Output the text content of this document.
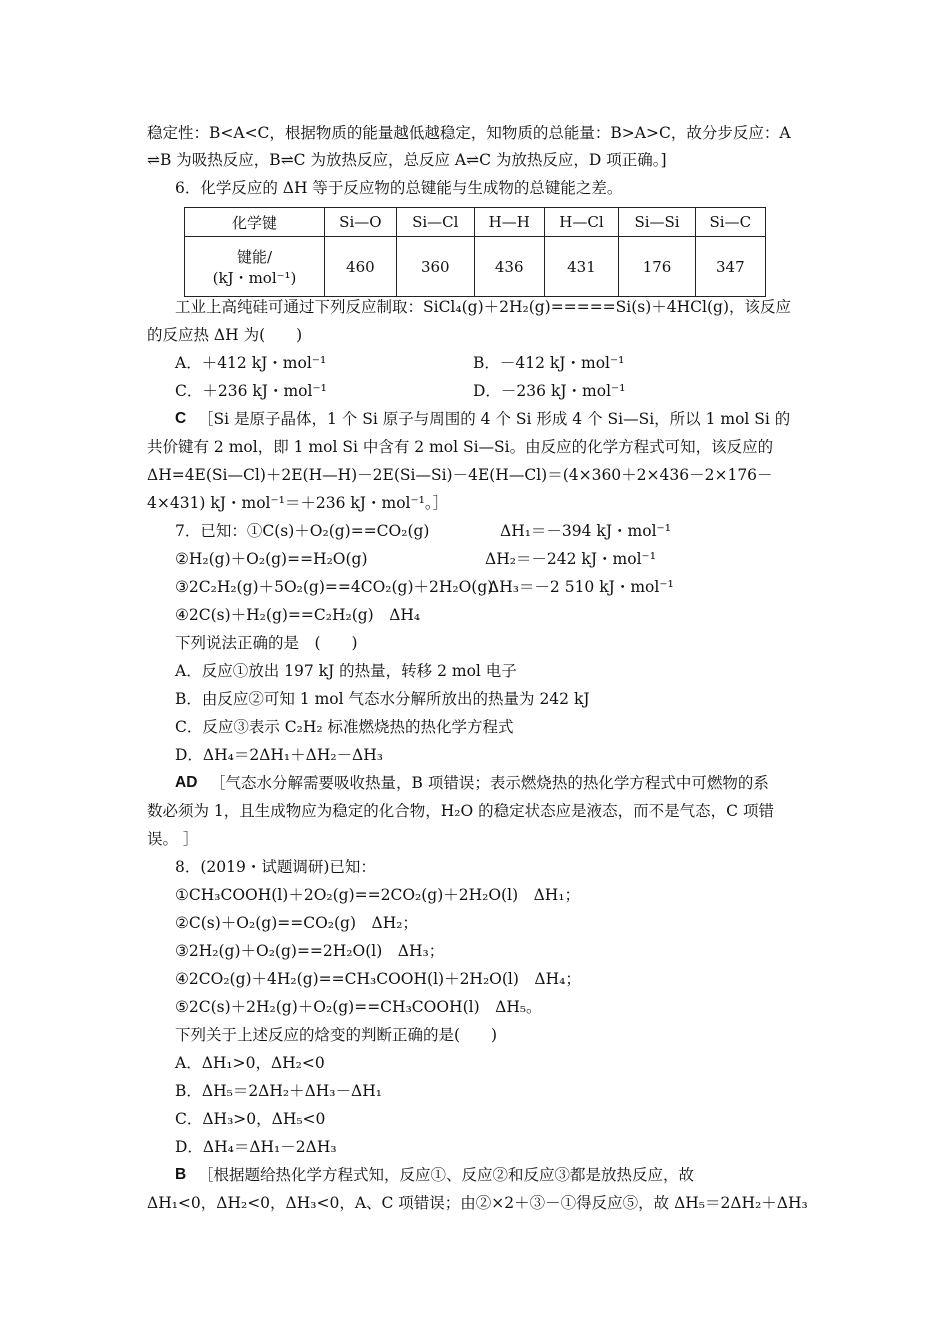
稳定性：B<A<C，根据物质的能量越低越稳定，知物质的总能量：B>A>C，故分步反应：A
⇌B 为吸热反应，B⇌C 为放热反应，总反应 A⇌C 为放热反应，D 项正确。]
6．化学反应的 ΔH 等于反应物的总键能与生成物的总键能之差。
化学键	Si—O	Si—Cl	H—H	H—Cl	Si—Si	Si—C

键能/
(kJ・mol⁻¹)	460	360	436	431	176	347
工业上高纯硅可通过下列反应制取：SiCl₄(g)＋2H₂(g)=====Si(s)＋4HCl(g)，该反应
的反应热 ΔH 为(　　)
A．＋412 kJ・mol⁻¹	B．－412 kJ・mol⁻¹
C．＋236 kJ・mol⁻¹	D．－236 kJ・mol⁻¹
C ［Si 是原子晶体，1 个 Si 原子与周围的 4 个 Si 形成 4 个 Si—Si，所以 1 mol Si 的
共价键有 2 mol，即 1 mol Si 中含有 2 mol Si—Si。由反应的化学方程式可知，该反应的
ΔH=4E(Si—Cl)＋2E(H—H)－2E(Si—Si)－4E(H—Cl)＝(4×360＋2×436－2×176－
4×431) kJ・mol⁻¹＝＋236 kJ・mol⁻¹。］
7．已知：①C(s)＋O₂(g)==CO₂(g)	ΔH₁＝－394 kJ・mol⁻¹
②H₂(g)＋O₂(g)==H₂O(g)	ΔH₂＝－242 kJ・mol⁻¹
③2C₂H₂(g)＋5O₂(g)==4CO₂(g)＋2H₂O(g)
ΔH₃＝－2 510 kJ・mol⁻¹
④2C(s)＋H₂(g)==C₂H₂(g)　ΔH₄
下列说法正确的是　(　　)
A．反应①放出 197 kJ 的热量，转移 2 mol 电子
B．由反应②可知 1 mol 气态水分解所放出的热量为 242 kJ
C．反应③表示 C₂H₂ 标准燃烧热的热化学方程式
D．ΔH₄＝2ΔH₁＋ΔH₂－ΔH₃
AD ［气态水分解需要吸收热量，B 项错误；表示燃烧热的热化学方程式中可燃物的系
数必须为 1，且生成物应为稳定的化合物，H₂O 的稳定状态应是液态，而不是气态，C 项错
误。 ］
8．(2019・试题调研)已知：
①CH₃COOH(l)＋2O₂(g)==2CO₂(g)＋2H₂O(l)　ΔH₁；
②C(s)＋O₂(g)==CO₂(g)　ΔH₂；
③2H₂(g)＋O₂(g)==2H₂O(l)　ΔH₃；
④2CO₂(g)＋4H₂(g)==CH₃COOH(l)＋2H₂O(l)　ΔH₄；
⑤2C(s)＋2H₂(g)＋O₂(g)==CH₃COOH(l)　ΔH₅。
下列关于上述反应的焓变的判断正确的是(　　)
A．ΔH₁>0，ΔH₂<0
B．ΔH₅＝2ΔH₂＋ΔH₃－ΔH₁
C．ΔH₃>0，ΔH₅<0
D．ΔH₄＝ΔH₁－2ΔH₃
B ［根据题给热化学方程式知，反应①、反应②和反应③都是放热反应，故
ΔH₁<0，ΔH₂<0，ΔH₃<0，A、C 项错误；由②×2＋③－①得反应⑤，故 ΔH₅＝2ΔH₂＋ΔH₃
